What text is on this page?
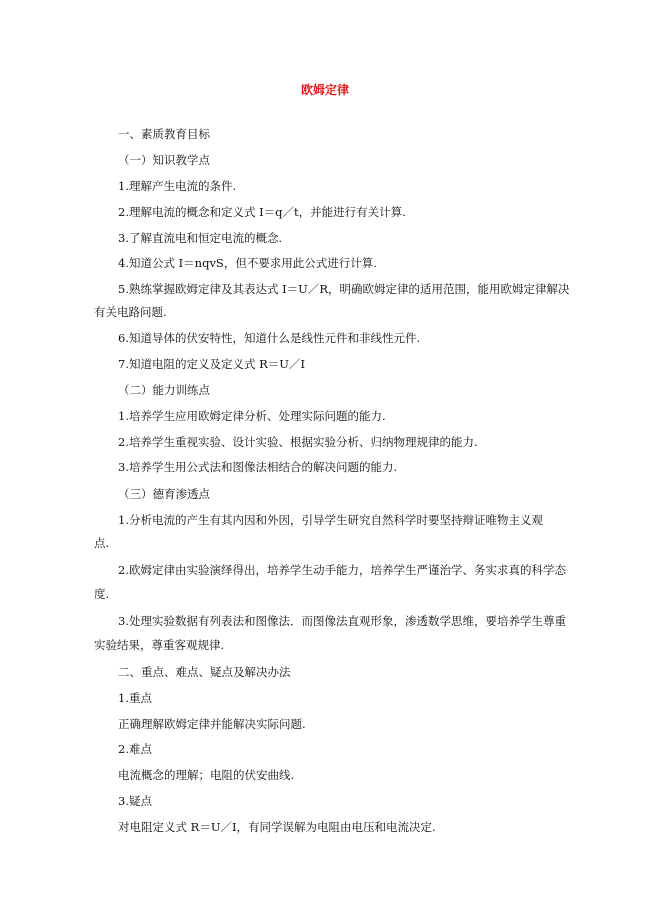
欧姆定律
一、素质教育目标
（一）知识教学点
1.理解产生电流的条件.
2.理解电流的概念和定义式 I＝q／t，并能进行有关计算.
3.了解直流电和恒定电流的概念.
4.知道公式 I＝nqvS，但不要求用此公式进行计算.
5.熟练掌握欧姆定律及其表达式 I＝U／R，明确欧姆定律的适用范围，能用欧姆定律解决
有关电路问题.
6.知道导体的伏安特性，知道什么是线性元件和非线性元件.
7.知道电阻的定义及定义式 R＝U／I
（二）能力训练点
1.培养学生应用欧姆定律分析、处理实际问题的能力.
2.培养学生重视实验、设计实验、根据实验分析、归纳物理规律的能力.
3.培养学生用公式法和图像法相结合的解决问题的能力.
（三）德育渗透点
1.分析电流的产生有其内因和外因，引导学生研究自然科学时要坚持辩证唯物主义观
点.
2.欧姆定律由实验演绎得出，培养学生动手能力，培养学生严谨治学、务实求真的科学态
度.
3.处理实验数据有列表法和图像法．而图像法直观形象，渗透数学思维，要培养学生尊重
实验结果，尊重客观规律.
二、重点、难点、疑点及解决办法
1.重点
正确理解欧姆定律并能解决实际问题.
2.难点
电流概念的理解；电阻的伏安曲线.
3.疑点
对电阻定义式 R＝U／I，有同学误解为电阻由电压和电流决定.
